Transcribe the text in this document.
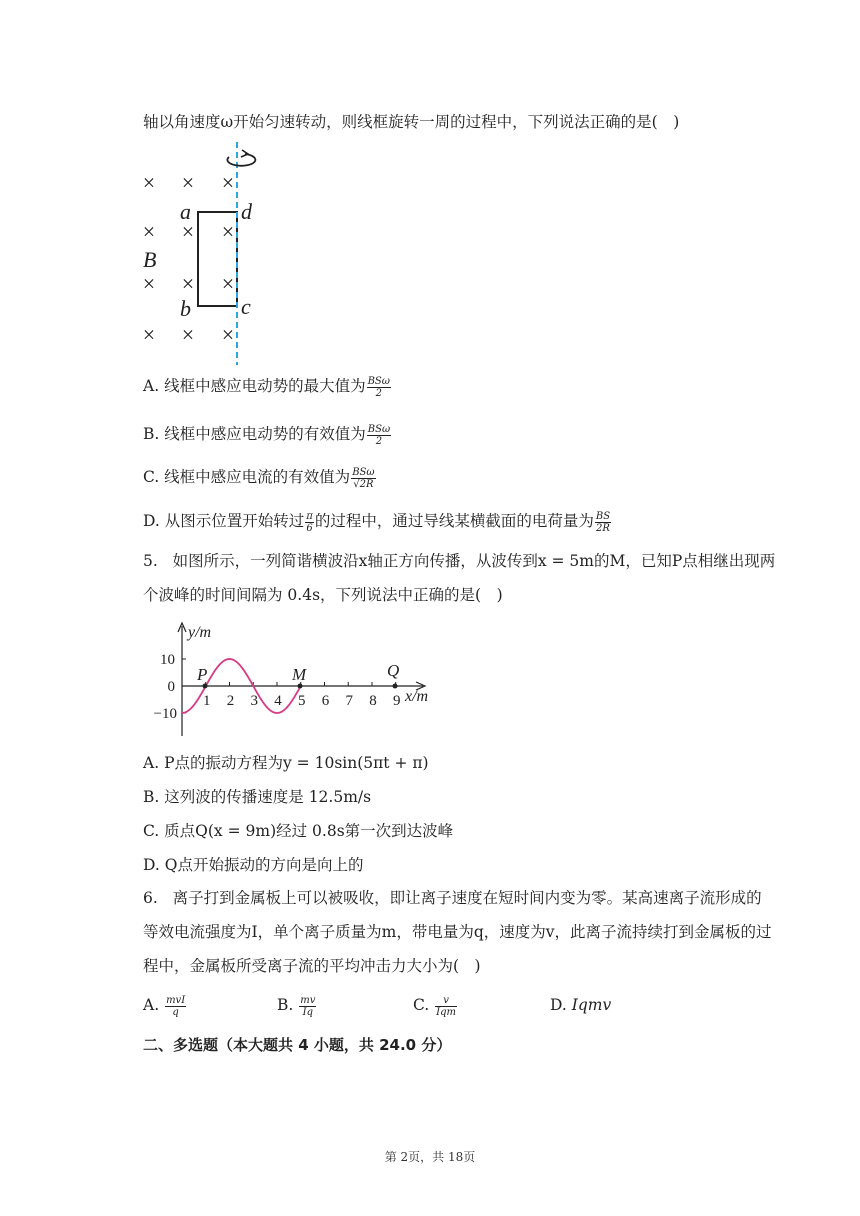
轴以角速度ω开始匀速转动，则线框旋转一周的过程中，下列说法正确的是(　)
× × ×
× × ×
× × ×
× × ×
a d
b c
B
A. 线框中感应电动势的最大值为 $\frac{\text{BSω}}{2}$
B. 线框中感应电动势的有效值为 $\frac{\text{BSω}}{2}$
C. 线框中感应电流的有效值为 $\frac{\text{BSω}}{√2R}$
D. 从图示位置开始转过 $\frac{\pi}{6}$ 的过程中，通过导线某横截面的电荷量为 $\frac{BS}{2R}$
5. 如图所示，一列简谐横波沿x轴正方向传播，从波传到x = 5m的M，已知P点相继出现两
个波峰的时间间隔为 0.4s，下列说法中正确的是(　)
y/m
x/m
10
0
−10
1 2 3 4 5 6 7 8 9
P	M	Q
A. P点的振动方程为y = 10sin(5πt + π)
B. 这列波的传播速度是 12.5m/s
C. 质点Q(x = 9m)经过 0.8s第一次到达波峰
D. Q点开始振动的方向是向上的
6. 离子打到金属板上可以被吸收，即让离子速度在短时间内变为零。某高速离子流形成的
等效电流强度为I，单个离子质量为m，带电量为q，速度为v，此离子流持续打到金属板的过
程中，金属板所受离子流的平均冲击力大小为(　)
A. $\frac{\text{mvI}}{q}$	B. $\frac{mv}{Iq}$	C. $\frac{v}{\text{Iqm}}$	D. Iqmv
二、多选题（本大题共 4 小题，共 24.0 分）
第 2页，共 18页
